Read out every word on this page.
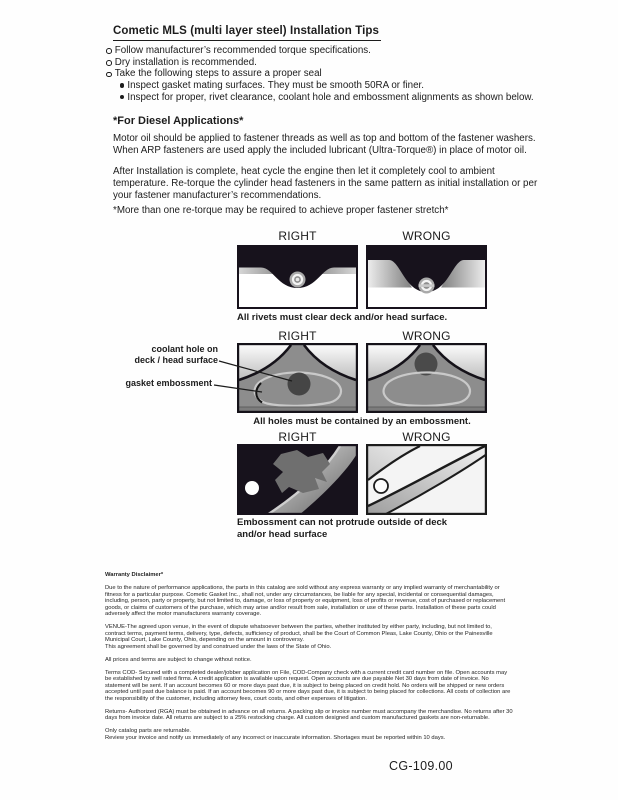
Cometic MLS (multi layer steel) Installation Tips
Follow manufacturer’s recommended torque specifications.
Dry installation is recommended.
Take the following steps to assure a proper seal
Inspect gasket mating surfaces. They must be smooth 50RA or finer.
Inspect for proper, rivet clearance, coolant hole and embossment alignments as shown below.
*For Diesel Applications*
Motor oil should be applied to fastener threads as well as top and bottom of the fastener washers. When ARP fasteners are used apply the included lubricant (Ultra-Torque®) in place of motor oil.
After Installation is complete, heat cycle the engine then let it completely cool to ambient temperature. Re-torque the cylinder head fasteners in the same pattern as initial installation or per your fastener manufacturer’s recommendations.
*More than one re-torque may be required to achieve proper fastener stretch*
RIGHT	WRONG
All rivets must clear deck and/or head surface.
RIGHT	WRONG
coolant hole on
deck / head surface
gasket embossment
All holes must be contained by an embossment.
RIGHT	WRONG
Embossment can not protrude outside of deck
and/or head surface

Warranty Disclaimer*

Due to the nature of performance applications, the parts in this catalog are sold without any express warranty or any implied warranty of merchantability or fitness for a particular purpose. Cometic Gasket Inc., shall not, under any circumstances, be liable for any special, incidental or consequential damages, including, person, party or property, but not limited to, damage, or loss of property or equipment, loss of profits or revenue, cost of purchased or replacement goods, or claims of customers of the purchase, which may arise and/or result from sale, installation or use of these parts. Installation of these parts could adversely affect the motor manufacturers warranty coverage.

VENUE-The agreed upon venue, in the event of dispute whatsoever between the parties, whether instituted by either party, including, but not limited to, contract terms, payment terms, delivery, type, defects, sufficiency of product, shall be the Court of Common Pleas, Lake County, Ohio or the Painesville Municipal Court, Lake County, Ohio, depending on the amount in controversy.

This agreement shall be governed by and construed under the laws of the State of Ohio.

All prices and terms are subject to change without notice.

Terms COD- Secured with a completed dealer/jobber application on File, COD-Company check with a current credit card number on file. Open accounts may be established by well rated firms. A credit application is available upon request. Open accounts are due payable Net 30 days from date of invoice. No statement will be sent. If an account becomes 60 or more days past due, it is subject to being placed on credit hold. No orders will be shipped or new orders accepted until past due balance is paid. If an account becomes 90 or more days past due, it is subject to being placed for collections. All costs of collection are the responsibility of the customer, including attorney fees, court costs, and other expenses of litigation.

Returns- Authorized (RGA) must be obtained in advance on all returns. A packing slip or invoice number must accompany the merchandise. No returns after 30 days from invoice date. All returns are subject to a 25% restocking charge. All custom designed and custom manufactured gaskets are non-returnable.

Only catalog parts are returnable.

Review your invoice and notify us immediately of any incorrect or inaccurate information. Shortages must be reported within 10 days.

CG-109.00
